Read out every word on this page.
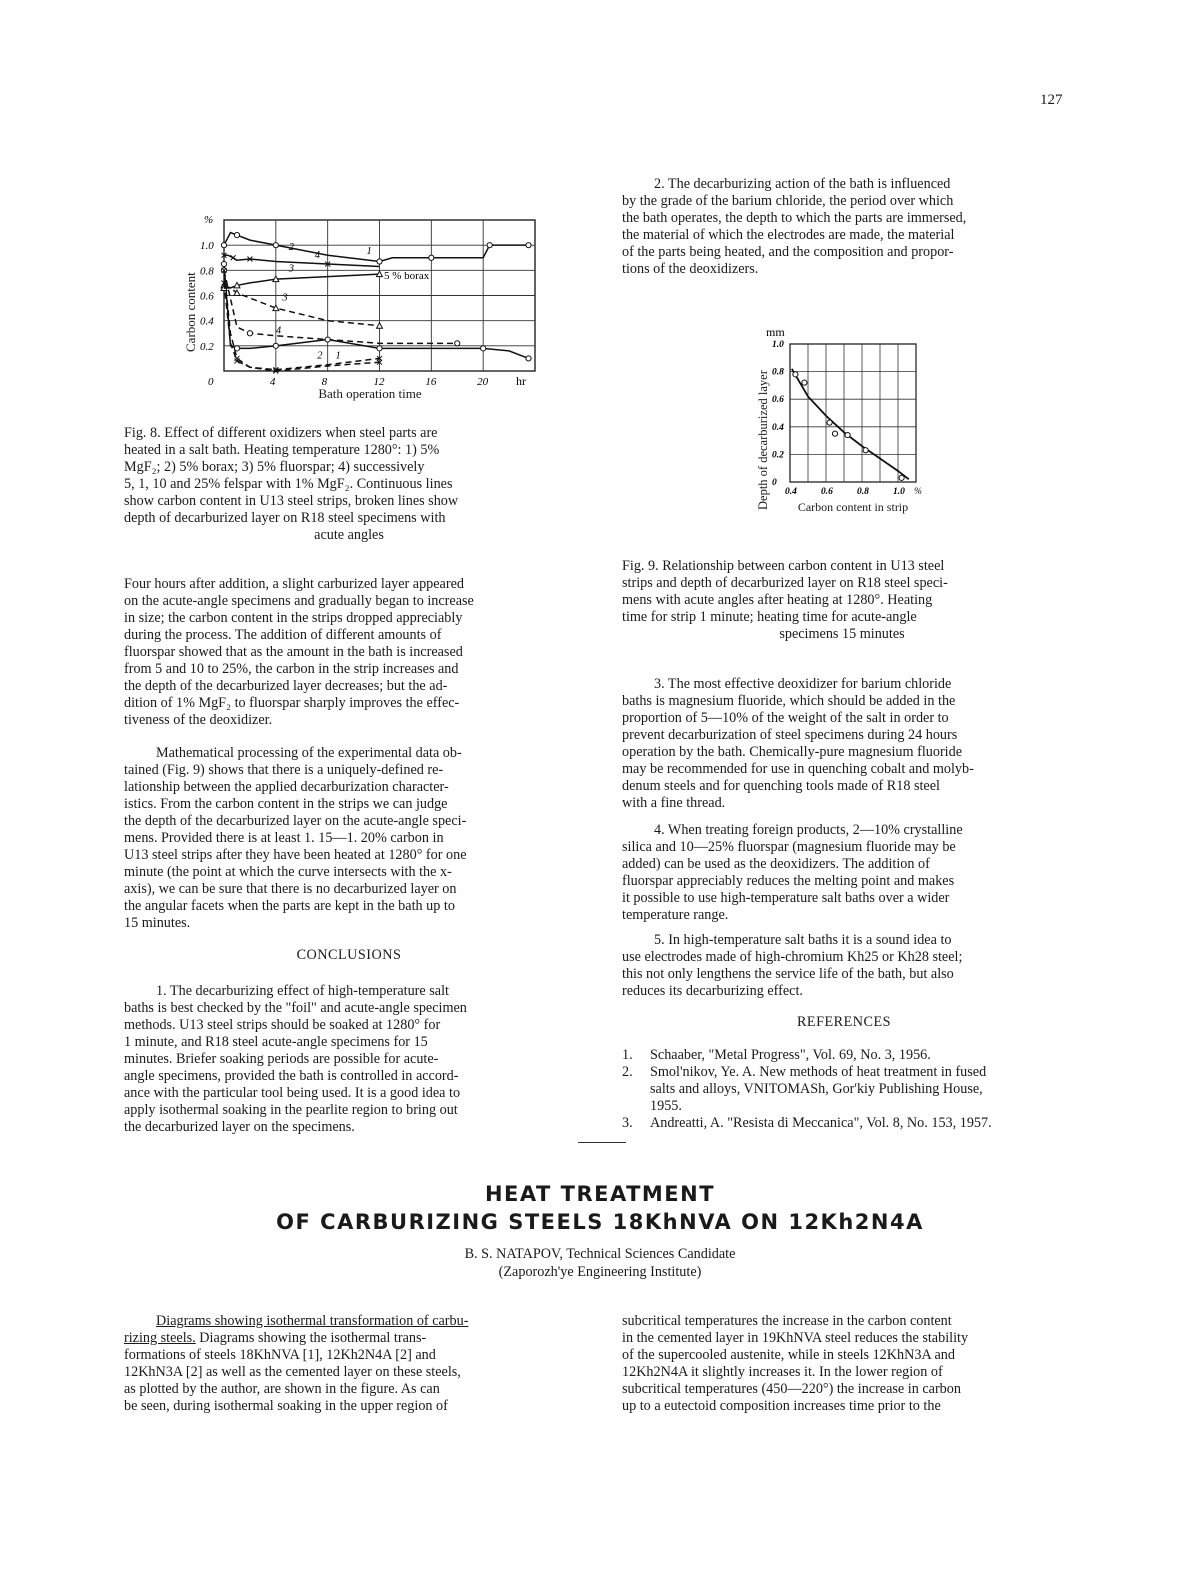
127
1
2
3
4
3
4
2 1
0	4	8	12	16	20
0.2
0.4
0.6
0.8
1.0
%
hr
5 % borax
Carbon content
Bath operation time
Fig. 8. Effect of different oxidizers when steel parts are
heated in a salt bath. Heating temperature 1280°: 1) 5%
MgF₂; 2) 5% borax; 3) 5% fluorspar; 4) successively
5, 1, 10 and 25% felspar with 1% MgF₂. Continuous lines
show carbon content in U13 steel strips, broken lines show
depth of decarburized layer on R18 steel specimens with
acute angles
2. The decarburizing action of the bath is influenced
by the grade of the barium chloride, the period over which
the bath operates, the depth to which the parts are immersed,
the material of which the electrodes are made, the material
of the parts being heated, and the composition and propor-
tions of the deoxidizers.
0.4	0.6	0.8	1.0 %
0
0.2
0.4
0.6
0.8
1.0
mm
Depth of decarburized layer	Carbon content in strip
Fig. 9. Relationship between carbon content in U13 steel
strips and depth of decarburized layer on R18 steel speci-
mens with acute angles after heating at 1280°. Heating
time for strip 1 minute; heating time for acute-angle
specimens 15 minutes
Four hours after addition, a slight carburized layer appeared
on the acute-angle specimens and gradually began to increase
in size; the carbon content in the strips dropped appreciably
during the process. The addition of different amounts of
fluorspar showed that as the amount in the bath is increased
from 5 and 10 to 25%, the carbon in the strip increases and
the depth of the decarburized layer decreases; but the ad-
dition of 1% MgF₂ to fluorspar sharply improves the effec-
tiveness of the deoxidizer.
Mathematical processing of the experimental data ob-
tained (Fig. 9) shows that there is a uniquely-defined re-
lationship between the applied decarburization character-
istics. From the carbon content in the strips we can judge
the depth of the decarburized layer on the acute-angle speci-
mens. Provided there is at least 1. 15—1. 20% carbon in
U13 steel strips after they have been heated at 1280° for one
minute (the point at which the curve intersects with the x-
axis), we can be sure that there is no decarburized layer on
the angular facets when the parts are kept in the bath up to
15 minutes.
CONCLUSIONS
1. The decarburizing effect of high-temperature salt
baths is best checked by the "foil" and acute-angle specimen
methods. U13 steel strips should be soaked at 1280° for
1 minute, and R18 steel acute-angle specimens for 15
minutes. Briefer soaking periods are possible for acute-
angle specimens, provided the bath is controlled in accord-
ance with the particular tool being used. It is a good idea to
apply isothermal soaking in the pearlite region to bring out
the decarburized layer on the specimens.
3. The most effective deoxidizer for barium chloride
baths is magnesium fluoride, which should be added in the
proportion of 5—10% of the weight of the salt in order to
prevent decarburization of steel specimens during 24 hours
operation by the bath. Chemically-pure magnesium fluoride
may be recommended for use in quenching cobalt and molyb-
denum steels and for quenching tools made of R18 steel
with a fine thread.
4. When treating foreign products, 2—10% crystalline
silica and 10—25% fluorspar (magnesium fluoride may be
added) can be used as the deoxidizers. The addition of
fluorspar appreciably reduces the melting point and makes
it possible to use high-temperature salt baths over a wider
temperature range.
5. In high-temperature salt baths it is a sound idea to
use electrodes made of high-chromium Kh25 or Kh28 steel;
this not only lengthens the service life of the bath, but also
reduces its decarburizing effect.
REFERENCES
1.	Schaaber, "Metal Progress", Vol. 69, No. 3, 1956.
2.	Smol'nikov, Ye. A. New methods of heat treatment in fused
salts and alloys, VNITOMASh, Gor'kiy Publishing House,
1955.
3.	Andreatti, A. "Resista di Meccanica", Vol. 8, No. 153, 1957.
HEAT TREATMENT
OF CARBURIZING STEELS 18KhNVA ON 12Kh2N4A
B. S. NATAPOV, Technical Sciences Candidate
(Zaporozh'ye Engineering Institute)
Diagrams showing isothermal transformation of carbu-
rizing steels. Diagrams showing the isothermal trans-
formations of steels 18KhNVA [1], 12Kh2N4A [2] and
12KhN3A [2] as well as the cemented layer on these steels,
as plotted by the author, are shown in the figure. As can
be seen, during isothermal soaking in the upper region of
subcritical temperatures the increase in the carbon content
in the cemented layer in 19KhNVA steel reduces the stability
of the supercooled austenite, while in steels 12KhN3A and
12Kh2N4A it slightly increases it. In the lower region of
subcritical temperatures (450—220°) the increase in carbon
up to a eutectoid composition increases time prior to the
